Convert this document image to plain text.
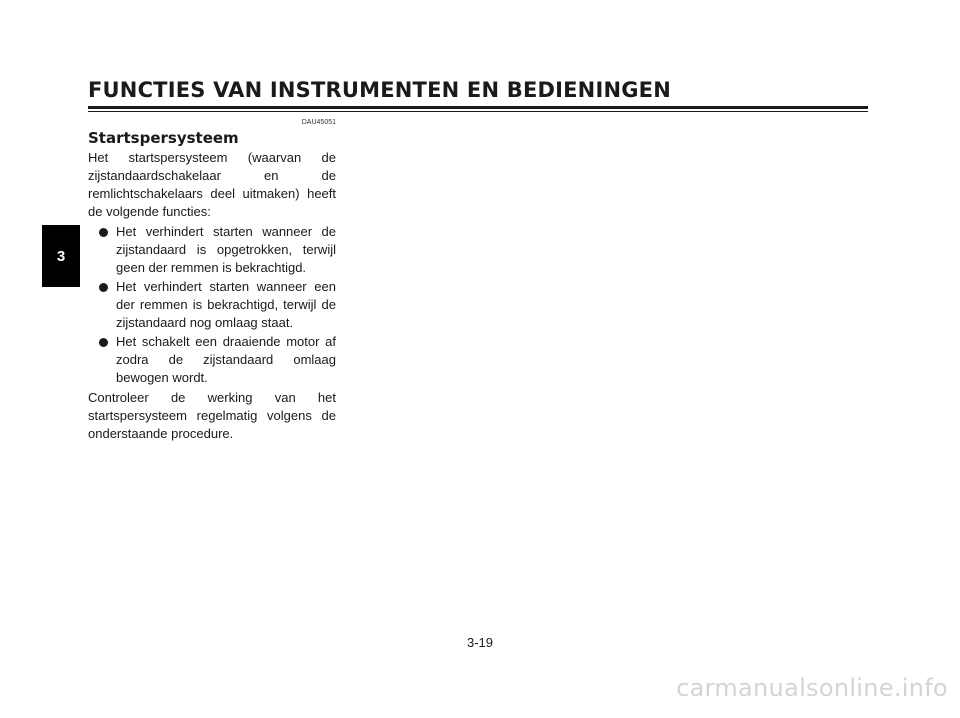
FUNCTIES VAN INSTRUMENTEN EN BEDIENINGEN
3
DAU45051
Startspersysteem

Het startspersysteem (waarvan de zijstandaardschakelaar en de remlichtschakelaars deel uitmaken) heeft de volgende functies:

Het verhindert starten wanneer de zijstandaard is opgetrokken, terwijl geen der remmen is bekrachtigd.
Het verhindert starten wanneer een der remmen is bekrachtigd, terwijl de zijstandaard nog omlaag staat.
Het schakelt een draaiende motor af zodra de zijstandaard omlaag bewogen wordt.

Controleer de werking van het startspersysteem regelmatig volgens de onderstaande procedure.

3-19
carmanualsonline.info
